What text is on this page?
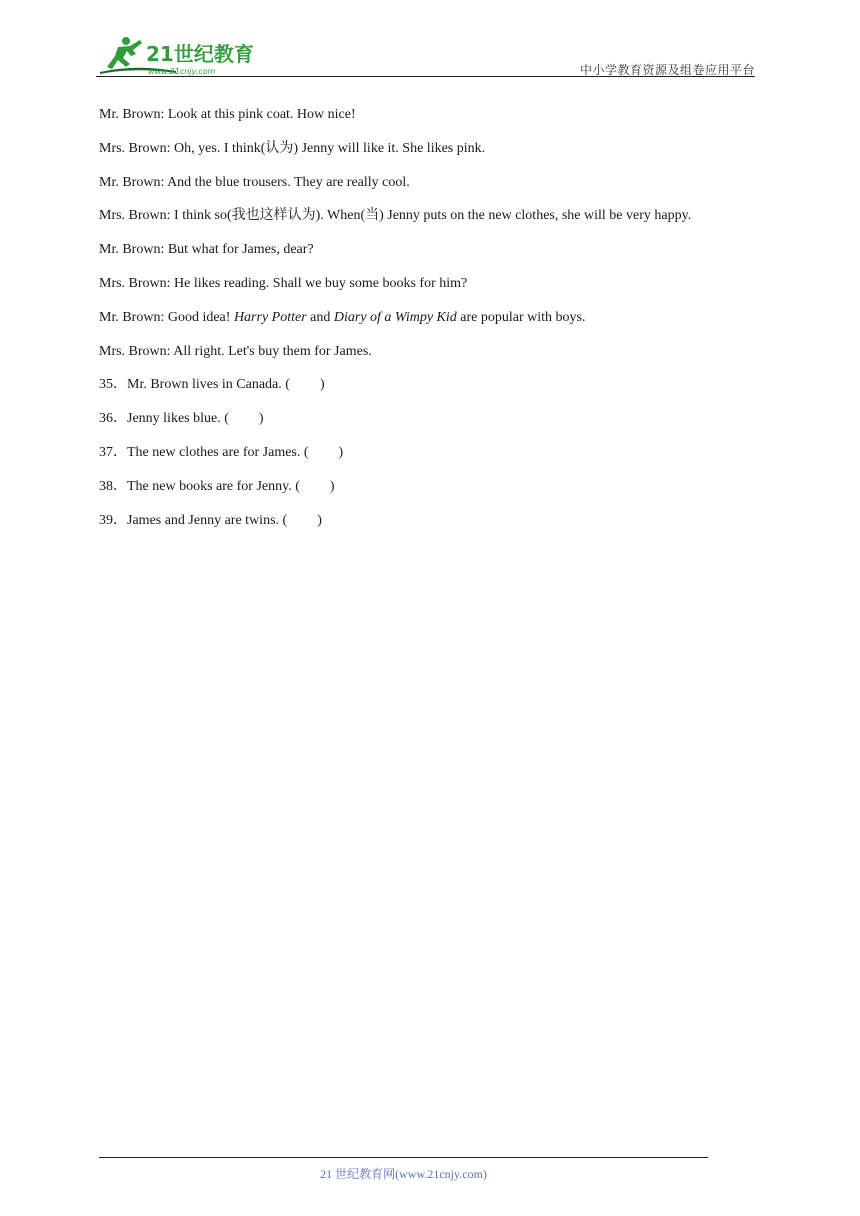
21世纪教育
www.21cnjy.com	中小学教育资源及组卷应用平台
Mr. Brown: Look at this pink coat. How nice!
Mrs. Brown: Oh, yes. I think(认为) Jenny will like it. She likes pink.
Mr. Brown: And the blue trousers. They are really cool.
Mrs. Brown: I think so(我也这样认为). When(当) Jenny puts on the new clothes, she will be very happy.
Mr. Brown: But what for James, dear?
Mrs. Brown: He likes reading. Shall we buy some books for him?
Mr. Brown: Good idea! Harry Potter and Diary of a Wimpy Kid are popular with boys.
Mrs. Brown: All right. Let's buy them for James.
35．Mr. Brown lives in Canada. ( )
36．Jenny likes blue. ( )
37．The new clothes are for James. ( )
38．The new books are for Jenny. ( )
39．James and Jenny are twins. ( )
21 世纪教育网(www.21cnjy.com)
